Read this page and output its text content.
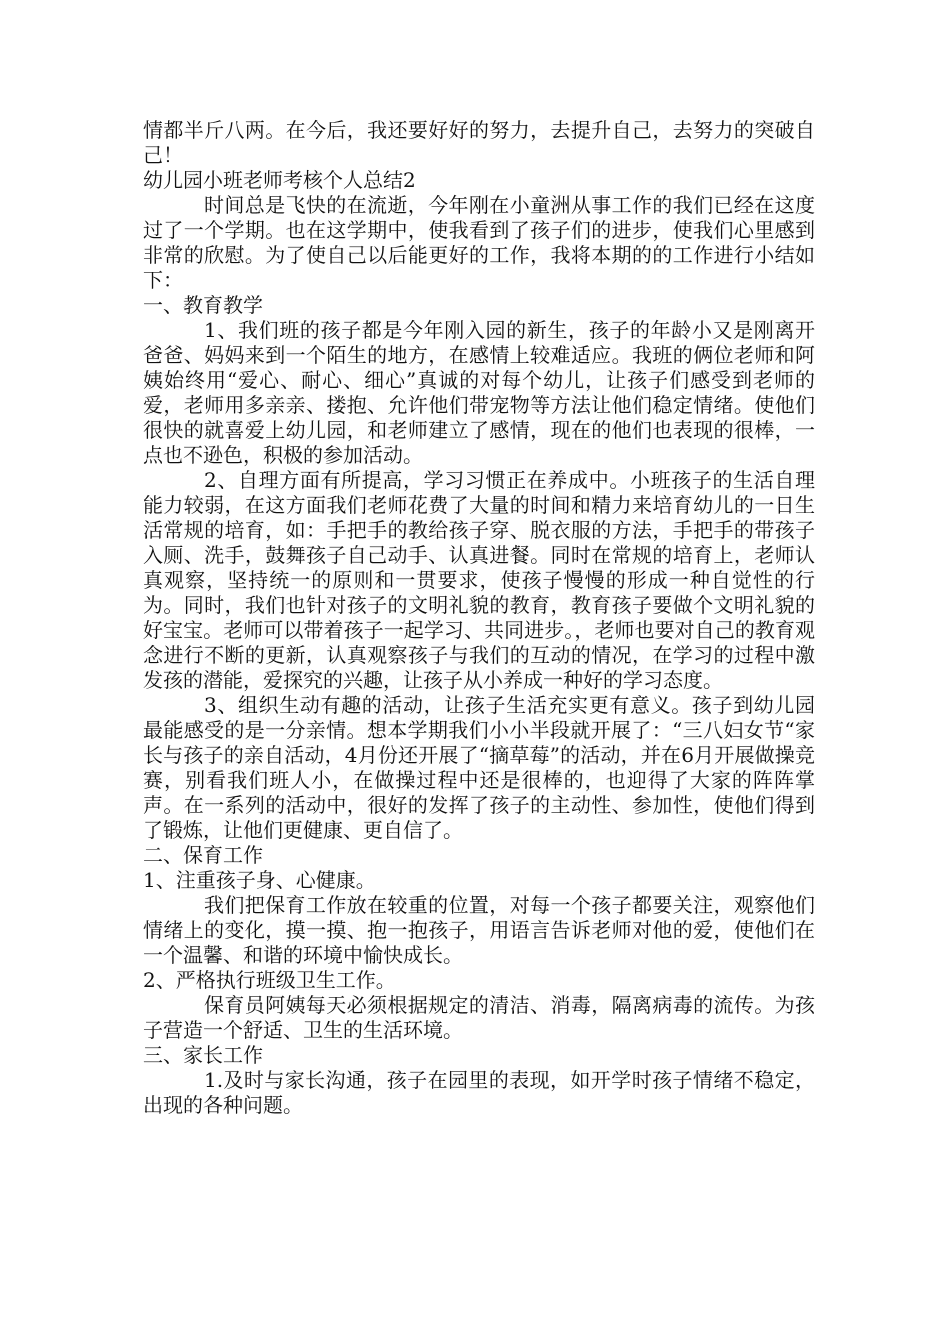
情都半斤八两。在今后，我还要好好的努力，去提升自己，去努力的突破自己！

幼儿园小班老师考核个人总结2

时间总是飞快的在流逝，今年刚在小童洲从事工作的我们已经在这度过了一个学期。也在这学期中，使我看到了孩子们的进步，使我们心里感到非常的欣慰。为了使自己以后能更好的工作，我将本期的的工作进行小结如下：

一、教育教学

1、我们班的孩子都是今年刚入园的新生，孩子的年龄小又是刚离开爸爸、妈妈来到一个陌生的地方，在感情上较难适应。我班的俩位老师和阿姨始终用“爱心、耐心、细心”真诚的对每个幼儿，让孩子们感受到老师的爱，老师用多亲亲、搂抱、允许他们带宠物等方法让他们稳定情绪。使他们很快的就喜爱上幼儿园，和老师建立了感情，现在的他们也表现的很棒，一点也不逊色，积极的参加活动。

2、自理方面有所提高，学习习惯正在养成中。小班孩子的生活自理能力较弱，在这方面我们老师花费了大量的时间和精力来培育幼儿的一日生活常规的培育，如：手把手的教给孩子穿、脱衣服的方法，手把手的带孩子入厕、洗手，鼓舞孩子自己动手、认真进餐。同时在常规的培育上，老师认真观察，坚持统一的原则和一贯要求，使孩子慢慢的形成一种自觉性的行为。同时，我们也针对孩子的文明礼貌的教育，教育孩子要做个文明礼貌的好宝宝。老师可以带着孩子一起学习、共同进步。，老师也要对自己的教育观念进行不断的更新，认真观察孩子与我们的互动的情况，在学习的过程中激发孩的潜能，爱探究的兴趣，让孩子从小养成一种好的学习态度。

3、组织生动有趣的活动，让孩子生活充实更有意义。孩子到幼儿园最能感受的是一分亲情。想本学期我们小小半段就开展了：“三八妇女节“家长与孩子的亲自活动，4月份还开展了“摘草莓”的活动，并在6月开展做操竞赛，别看我们班人小，在做操过程中还是很棒的，也迎得了大家的阵阵掌声。在一系列的活动中，很好的发挥了孩子的主动性、参加性，使他们得到了锻炼，让他们更健康、更自信了。

二、保育工作

1、注重孩子身、心健康。

我们把保育工作放在较重的位置，对每一个孩子都要关注，观察他们情绪上的变化，摸一摸、抱一抱孩子，用语言告诉老师对他的爱，使他们在一个温馨、和谐的环境中愉快成长。

2、严格执行班级卫生工作。

保育员阿姨每天必须根据规定的清洁、消毒，隔离病毒的流传。为孩子营造一个舒适、卫生的生活环境。

三、家长工作

1.及时与家长沟通，孩子在园里的表现，如开学时孩子情绪不稳定，出现的各种问题。
